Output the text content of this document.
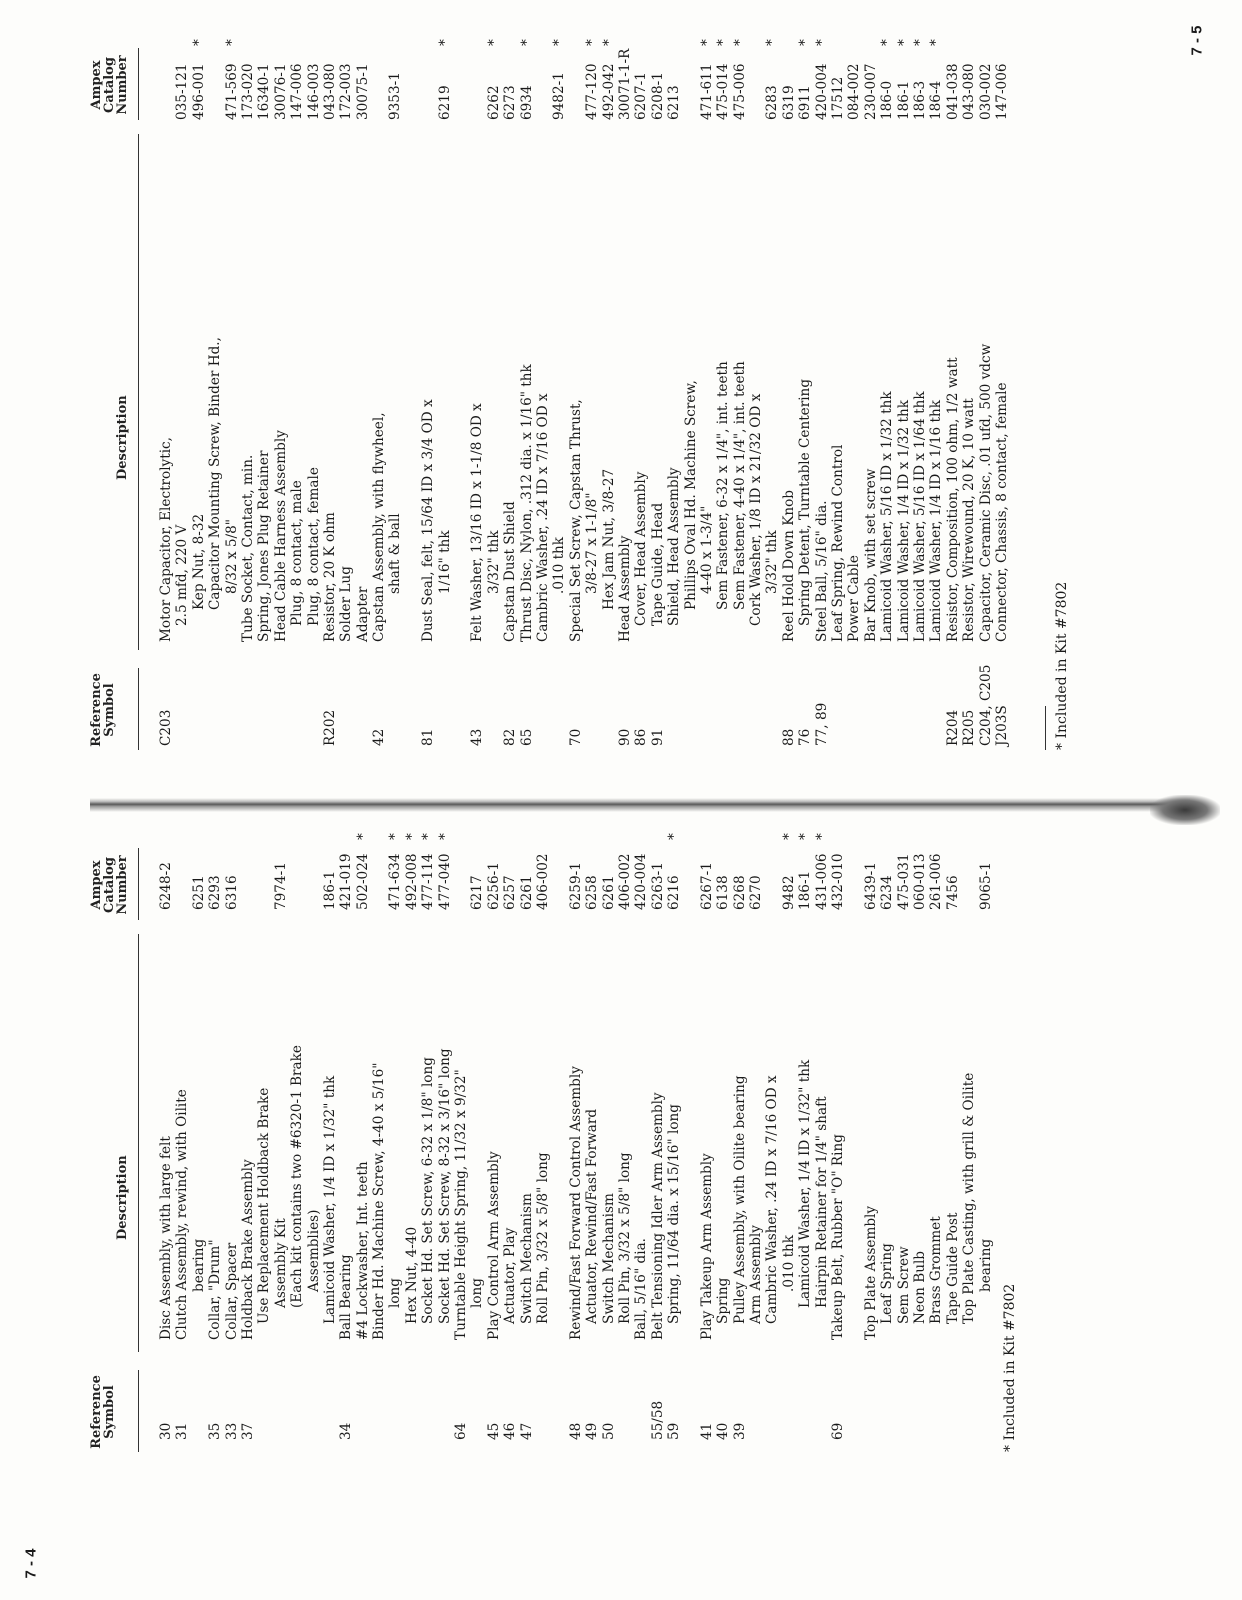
7 - 5
7 - 4
Reference
Symbol
Description
Ampex
Catalog
Number
30
Disc Assembly, with large felt
6248-2
31
Clutch Assembly, rewind, with Oilite bearing
6251
35
Collar, "Drum"
6293
33
Collar, Spacer
6316
37
Holdback Brake Assembly Use Replacement Holdback Brake Assembly Kit
7974-1
(Each kit contains two #6320-1 Brake Assemblies) Lamicoid Washer, 1/4 ID x 1/32" thk
186-1
34
Ball Bearing
421-019
#4 Lockwasher, Int. teeth
502-024
*
Binder Hd. Machine Screw, 4-40 x 5/16" long
471-634
*
Hex Nut, 4-40
492-008
*
Socket Hd. Set Screw, 6-32 x 1/8" long
477-114
*
Socket Hd. Set Screw, 8-32 x 3/16" long
477-040
*
64
Turntable Height Spring, 11/32 x 9/32" long
6217
45
Play Control Arm Assembly
6256-1
46
Actuator, Play
6257
47
Switch Mechanism
6261
Roll Pin, 3/32 x 5/8" long
406-002
48
Rewind/Fast Forward Control Assembly
6259-1
49
Actuator, Rewind/Fast Forward
6258
50
Switch Mechanism
6261
Roll Pin, 3/32 x 5/8" long
406-002
Ball, 5/16" dia.
420-004
55/58
Belt Tensioning Idler Arm Assembly
6263-1
59
Spring, 11/64 dia. x 15/16" long
6216
*
41
Play Takeup Arm Assembly
6267-1
40
Spring
6138
39
Pulley Assembly, with Oilite bearing
6268
Arm Assembly
6270
Cambric Washer, .24 ID x 7/16 OD x .010 thk
9482
*
Lamicoid Washer, 1/4 ID x 1/32" thk
186-1
*
Hairpin Retainer for 1/4" shaft
431-006
*
69
Takeup Belt, Rubber "O" Ring
432-010
Top Plate Assembly
6439-1
Leaf Spring
6234
Sem Screw
475-031
Neon Bulb
060-013
Brass Grommet
261-006
Tape Guide Post
7456
Top Plate Casting, with grill & Oilite bearing
9065-1
* Included in Kit #7802
Reference
Symbol
Description
Ampex
Catalog
Number
C203
Motor Capacitor, Electrolytic, 2.5 mfd, 220 V
035-121
Kep Nut, 8-32
496-001
*
Capacitor Mounting Screw, Binder Hd., 8/32 x 5/8"
471-569
*
Tube Socket, Contact, min.
173-020
Spring, Jones Plug Retainer
16340-1
Head Cable Harness Assembly
30076-1
Plug, 8 contact, male
147-006
Plug, 8 contact, female
146-003
R202
Resistor, 20 K ohm
043-080
Solder Lug
172-003
Adapter
30075-1
42
Capstan Assembly, with flywheel, shaft & ball
9353-1
81
Dust Seal, felt, 15/64 ID x 3/4 OD x 1/16" thk
6219
*
43
Felt Washer, 13/16 ID x 1-1/8 OD x 3/32" thk
6262
*
82
Capstan Dust Shield
6273
65
Thrust Disc, Nylon, .312 dia. x 1/16" thk
6934
*
Cambric Washer, .24 ID x 7/16 OD x .010 thk
9482-1
*
70
Special Set Screw, Capstan Thrust, 3/8-27 x 1-1/8"
477-120
*
Hex Jam Nut, 3/8-27
492-042
*
90
Head Assembly
30071-1-R
86
Cover, Head Assembly
6207-1
91
Tape Guide, Head
6208-1
Shield, Head Assembly
6213
Phillips Oval Hd. Machine Screw, 4-40 x 1-3/4"
471-611
*
Sem Fastener, 6-32 x 1/4", int. teeth
475-014
*
Sem Fastener, 4-40 x 1/4", int. teeth
475-006
*
Cork Washer, 1/8 ID x 21/32 OD x 3/32" thk
6283
*
88
Reel Hold Down Knob
6319
76
Spring Detent, Turntable Centering
6911
*
77, 89
Steel Ball, 5/16" dia.
420-004
*
Leaf Spring, Rewind Control
17512
Power Cable
084-002
Bar Knob, with set screw
230-007
Lamicoid Washer, 5/16 ID x 1/32 thk
186-0
*
Lamicoid Washer, 1/4 ID x 1/32 thk
186-1
*
Lamicoid Washer, 5/16 ID x 1/64 thk
186-3
*
Lamicoid Washer, 1/4 ID x 1/16 thk
186-4
*
R204
Resistor, Composition, 100 ohm, 1/2 watt
041-038
R205
Resistor, Wirewound, 20 K, 10 watt
043-080
C204, C205
Capacitor, Ceramic Disc, .01 ufd, 500 vdcw
030-002
J203S
Connector, Chassis, 8 contact, female
147-006
* Included in Kit #7802
